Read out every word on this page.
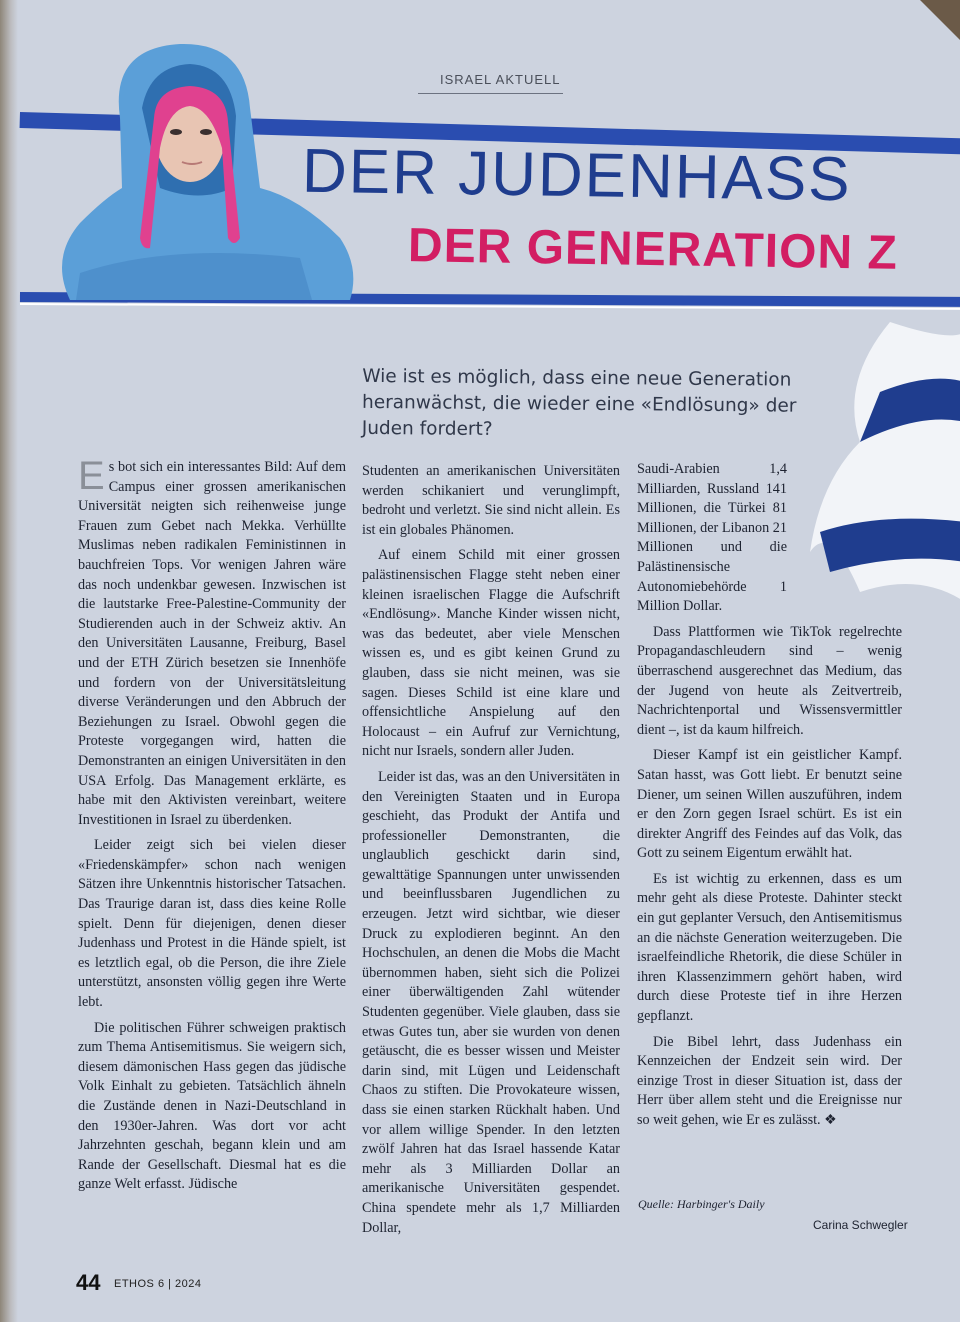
ISRAEL AKTUELL
DER JUDENHASS
DER GENERATION Z
Wie ist es möglich, dass eine neue Generation heranwächst, die wieder eine «Endlösung» der Juden fordert?

Es bot sich ein interessantes Bild: Auf dem Campus einer grossen amerikanischen Universität neigten sich reihenweise junge Frauen zum Gebet nach Mekka. Verhüllte Muslimas neben radikalen Feministinnen in bauchfreien Tops. Vor wenigen Jahren wäre das noch undenkbar gewesen. Inzwischen ist die lautstarke Free-Palestine-Community der Studierenden auch in der Schweiz aktiv. An den Universitäten Lausanne, Freiburg, Basel und der ETH Zürich besetzen sie Innenhöfe und fordern von der Universitätsleitung diverse Veränderungen und den Abbruch der Beziehungen zu Israel. Obwohl gegen die Proteste vorgegangen wird, hatten die Demonstranten an einigen Universitäten in den USA Erfolg. Das Management erklärte, es habe mit den Aktivisten vereinbart, weitere Investitionen in Israel zu überdenken.

Leider zeigt sich bei vielen dieser «Friedenskämpfer» schon nach wenigen Sätzen ihre Unkenntnis historischer Tatsachen. Das Traurige daran ist, dass dies keine Rolle spielt. Denn für diejenigen, denen dieser Judenhass und Protest in die Hände spielt, ist es letztlich egal, ob die Person, die ihre Ziele unterstützt, ansonsten völlig gegen ihre Werte lebt.

Die politischen Führer schweigen praktisch zum Thema Antisemitismus. Sie weigern sich, diesem dämonischen Hass gegen das jüdische Volk Einhalt zu gebieten. Tatsächlich ähneln die Zustände denen in Nazi-Deutschland in den 1930er-Jahren. Was dort vor acht Jahrzehnten geschah, begann klein und am Rande der Gesellschaft. Diesmal hat es die ganze Welt erfasst. Jüdische

Studenten an amerikanischen Universitäten werden schikaniert und verunglimpft, bedroht und verletzt. Sie sind nicht allein. Es ist ein globales Phänomen.

Auf einem Schild mit einer grossen palästinensischen Flagge steht neben einer kleinen israelischen Flagge die Aufschrift «Endlösung». Manche Kinder wissen nicht, was das bedeutet, aber viele Menschen wissen es, und es gibt keinen Grund zu glauben, dass sie nicht meinen, was sie sagen. Dieses Schild ist eine klare und offensichtliche Anspielung auf den Holocaust – ein Aufruf zur Vernichtung, nicht nur Israels, sondern aller Juden.

Leider ist das, was an den Universitäten in den Vereinigten Staaten und in Europa geschieht, das Produkt der Antifa und professioneller Demonstranten, die unglaublich geschickt darin sind, gewalttätige Spannungen unter unwissenden und beeinflussbaren Jugendlichen zu erzeugen. Jetzt wird sichtbar, wie dieser Druck zu explodieren beginnt. An den Hochschulen, an denen die Mobs die Macht übernommen haben, sieht sich die Polizei einer überwältigenden Zahl wütender Studenten gegenüber. Viele glauben, dass sie etwas Gutes tun, aber sie wurden von denen getäuscht, die es besser wissen und Meister darin sind, mit Lügen und Leidenschaft Chaos zu stiften. Die Provokateure wissen, dass sie einen starken Rückhalt haben. Und vor allem willige Spender. In den letzten zwölf Jahren hat das Israel hassende Katar mehr als 3 Milliarden Dollar an amerikanische Universitäten gespendet. China spendete mehr als 1,7 Milliarden Dollar,

Saudi-Arabien 1,4 Milliarden, Russland 141 Millionen, die Türkei 81 Millionen, der Libanon 21 Millionen und die Palästinensische Autonomiebehörde 1 Million Dollar.

Dass Plattformen wie TikTok regelrechte Propagandaschleudern sind – wenig überraschend ausgerechnet das Medium, das der Jugend von heute als Zeitvertreib, Nachrichtenportal und Wissensvermittler dient –, ist da kaum hilfreich.

Dieser Kampf ist ein geistlicher Kampf. Satan hasst, was Gott liebt. Er benutzt seine Diener, um seinen Willen auszuführen, indem er den Zorn gegen Israel schürt. Es ist ein direkter Angriff des Feindes auf das Volk, das Gott zu seinem Eigentum erwählt hat.

Es ist wichtig zu erkennen, dass es um mehr geht als diese Proteste. Dahinter steckt ein gut geplanter Versuch, den Antisemitismus an die nächste Generation weiterzugeben. Die israelfeindliche Rhetorik, die diese Schüler in ihren Klassenzimmern gehört haben, wird durch diese Proteste tief in ihre Herzen gepflanzt.

Die Bibel lehrt, dass Judenhass ein Kennzeichen der Endzeit sein wird. Der einzige Trost in dieser Situation ist, dass der Herr über allem steht und die Ereignisse nur so weit gehen, wie Er es zulässt. ❖

Quelle: Harbinger's Daily
Carina Schwegler
44 ETHOS 6 | 2024
